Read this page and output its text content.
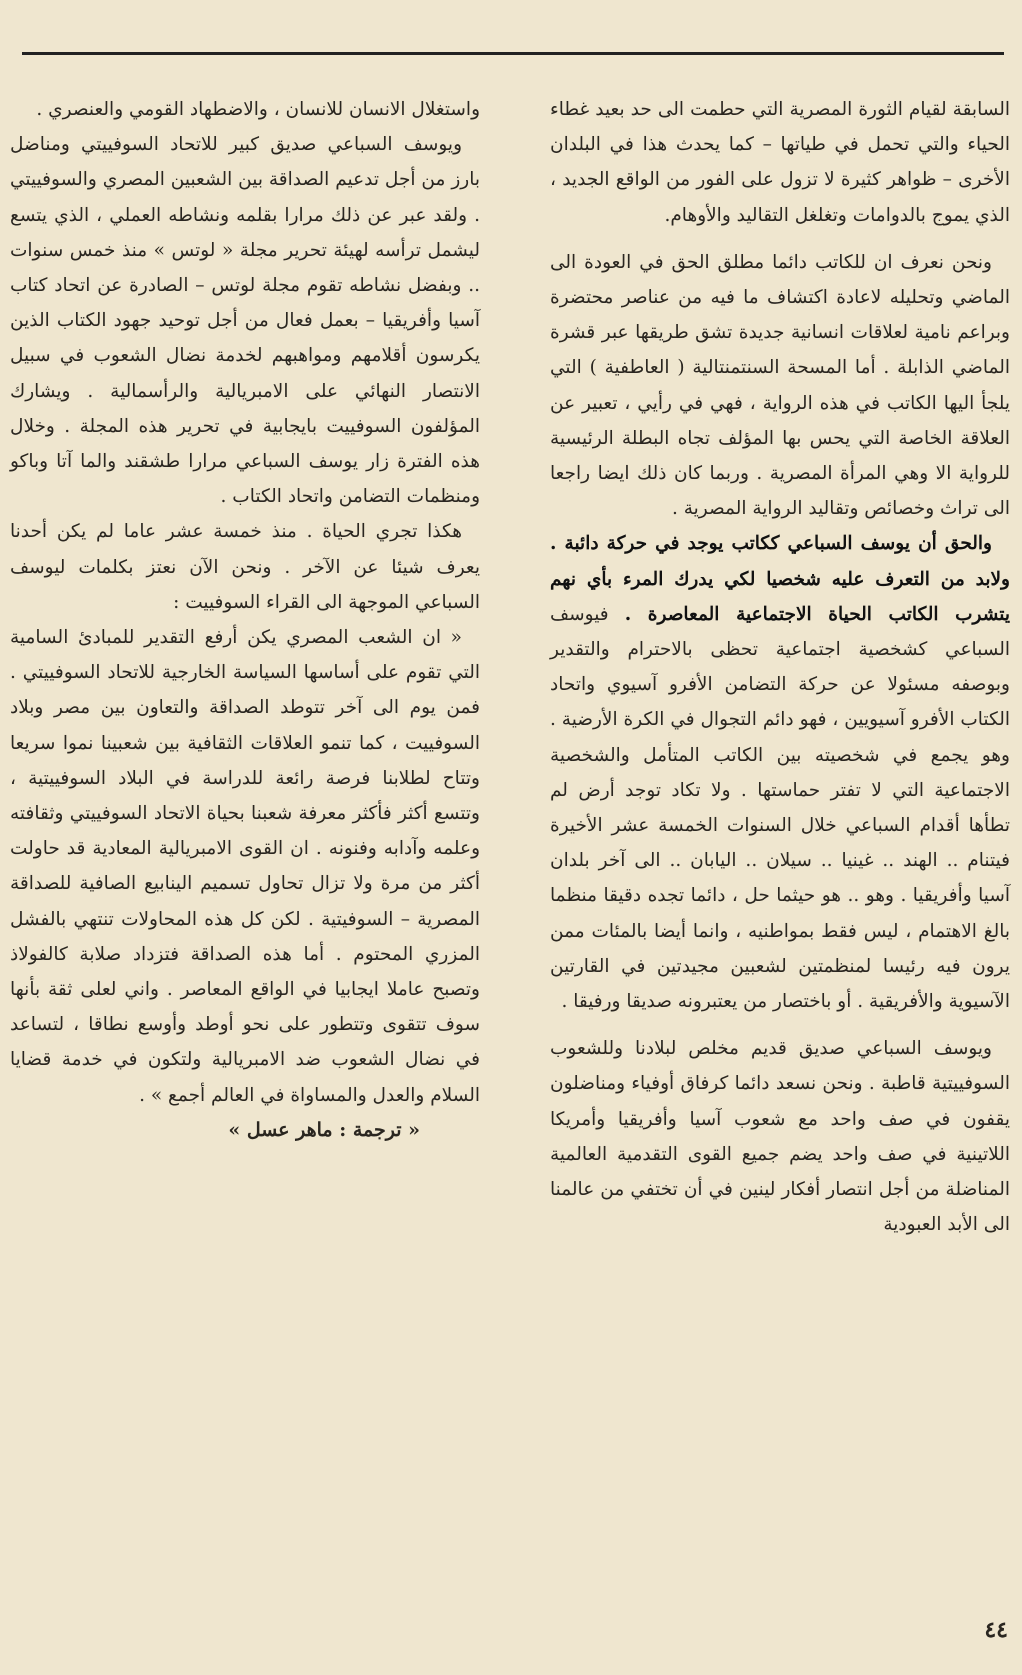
السابقة لقيام الثورة المصرية التي حطمت الى حد بعيد غطاء الحياء والتي تحمل في طياتها – كما يحدث هذا في البلدان الأخرى – ظواهر كثيرة لا تزول على الفور من الواقع الجديد ، الذي يموج بالدوامات وتغلغل التقاليد والأوهام.

ونحن نعرف ان للكاتب دائما مطلق الحق في العودة الى الماضي وتحليله لاعادة اكتشاف ما فيه من عناصر محتضرة وبراعم نامية لعلاقات انسانية جديدة تشق طريقها عبر قشرة الماضي الذابلة . أما المسحة السنتمنتالية ( العاطفية ) التي يلجأ اليها الكاتب في هذه الرواية ، فهي في رأيي ، تعبير عن العلاقة الخاصة التي يحس بها المؤلف تجاه البطلة الرئيسية للرواية الا وهي المرأة المصرية . وربما كان ذلك ايضا راجعا الى تراث وخصائص وتقاليد الرواية المصرية .

والحق أن يوسف السباعي ككاتب يوجد في حركة دائبة . ولابد من التعرف عليه شخصيا لكي يدرك المرء بأي نهم يتشرب الكاتب الحياة الاجتماعية المعاصرة . فيوسف السباعي كشخصية اجتماعية تحظى بالاحترام والتقدير وبوصفه مسئولا عن حركة التضامن الأفرو آسيوي واتحاد الكتاب الأفرو آسيويين ، فهو دائم التجوال في الكرة الأرضية . وهو يجمع في شخصيته بين الكاتب المتأمل والشخصية الاجتماعية التي لا تفتر حماستها . ولا تكاد توجد أرض لم تطأها أقدام السباعي خلال السنوات الخمسة عشر الأخيرة فيتنام .. الهند .. غينيا .. سيلان .. اليابان .. الى آخر بلدان آسيا وأفريقيا . وهو .. هو حيثما حل ، دائما تجده دقيقا منظما بالغ الاهتمام ، ليس فقط بمواطنيه ، وانما أيضا بالمئات ممن يرون فيه رئيسا لمنظمتين لشعبين مجيدتين في القارتين الآسيوية والأفريقية . أو باختصار من يعتبرونه صديقا ورفيقا .

ويوسف السباعي صديق قديم مخلص لبلادنا وللشعوب السوفييتية قاطبة . ونحن نسعد دائما كرفاق أوفياء ومناضلون يقفون في صف واحد مع شعوب آسيا وأفريقيا وأمريكا اللاتينية في صف واحد يضم جميع القوى التقدمية العالمية المناضلة من أجل انتصار أفكار لينين في أن تختفي من عالمنا الى الأبد العبودية

واستغلال الانسان للانسان ، والاضطهاد القومي والعنصري .

ويوسف السباعي صديق كبير للاتحاد السوفييتي ومناضل بارز من أجل تدعيم الصداقة بين الشعبين المصري والسوفييتي . ولقد عبر عن ذلك مرارا بقلمه ونشاطه العملي ، الذي يتسع ليشمل ترأسه لهيئة تحرير مجلة « لوتس » منذ خمس سنوات .. وبفضل نشاطه تقوم مجلة لوتس – الصادرة عن اتحاد كتاب آسيا وأفريقيا – بعمل فعال من أجل توحيد جهود الكتاب الذين يكرسون أقلامهم ومواهبهم لخدمة نضال الشعوب في سبيل الانتصار النهائي على الامبريالية والرأسمالية . ويشارك المؤلفون السوفييت بايجابية في تحرير هذه المجلة . وخلال هذه الفترة زار يوسف السباعي مرارا طشقند والما آتا وباكو ومنظمات التضامن واتحاد الكتاب .

هكذا تجري الحياة . منذ خمسة عشر عاما لم يكن أحدنا يعرف شيئا عن الآخر . ونحن الآن نعتز بكلمات ليوسف السباعي الموجهة الى القراء السوفييت :

« ان الشعب المصري يكن أرفع التقدير للمبادئ السامية التي تقوم على أساسها السياسة الخارجية للاتحاد السوفييتي . فمن يوم الى آخر تتوطد الصداقة والتعاون بين مصر وبلاد السوفييت ، كما تنمو العلاقات الثقافية بين شعبينا نموا سريعا وتتاح لطلابنا فرصة رائعة للدراسة في البلاد السوفييتية ، وتتسع أكثر فأكثر معرفة شعبنا بحياة الاتحاد السوفييتي وثقافته وعلمه وآدابه وفنونه . ان القوى الامبريالية المعادية قد حاولت أكثر من مرة ولا تزال تحاول تسميم الينابيع الصافية للصداقة المصرية – السوفيتية . لكن كل هذه المحاولات تنتهي بالفشل المزري المحتوم . أما هذه الصداقة فتزداد صلابة كالفولاذ وتصبح عاملا ايجابيا في الواقع المعاصر . واني لعلى ثقة بأنها سوف تتقوى وتتطور على نحو أوطد وأوسع نطاقا ، لتساعد في نضال الشعوب ضد الامبريالية ولتكون في خدمة قضايا السلام والعدل والمساواة في العالم أجمع » .

« ترجمة : ماهر عسل »

٤٤
